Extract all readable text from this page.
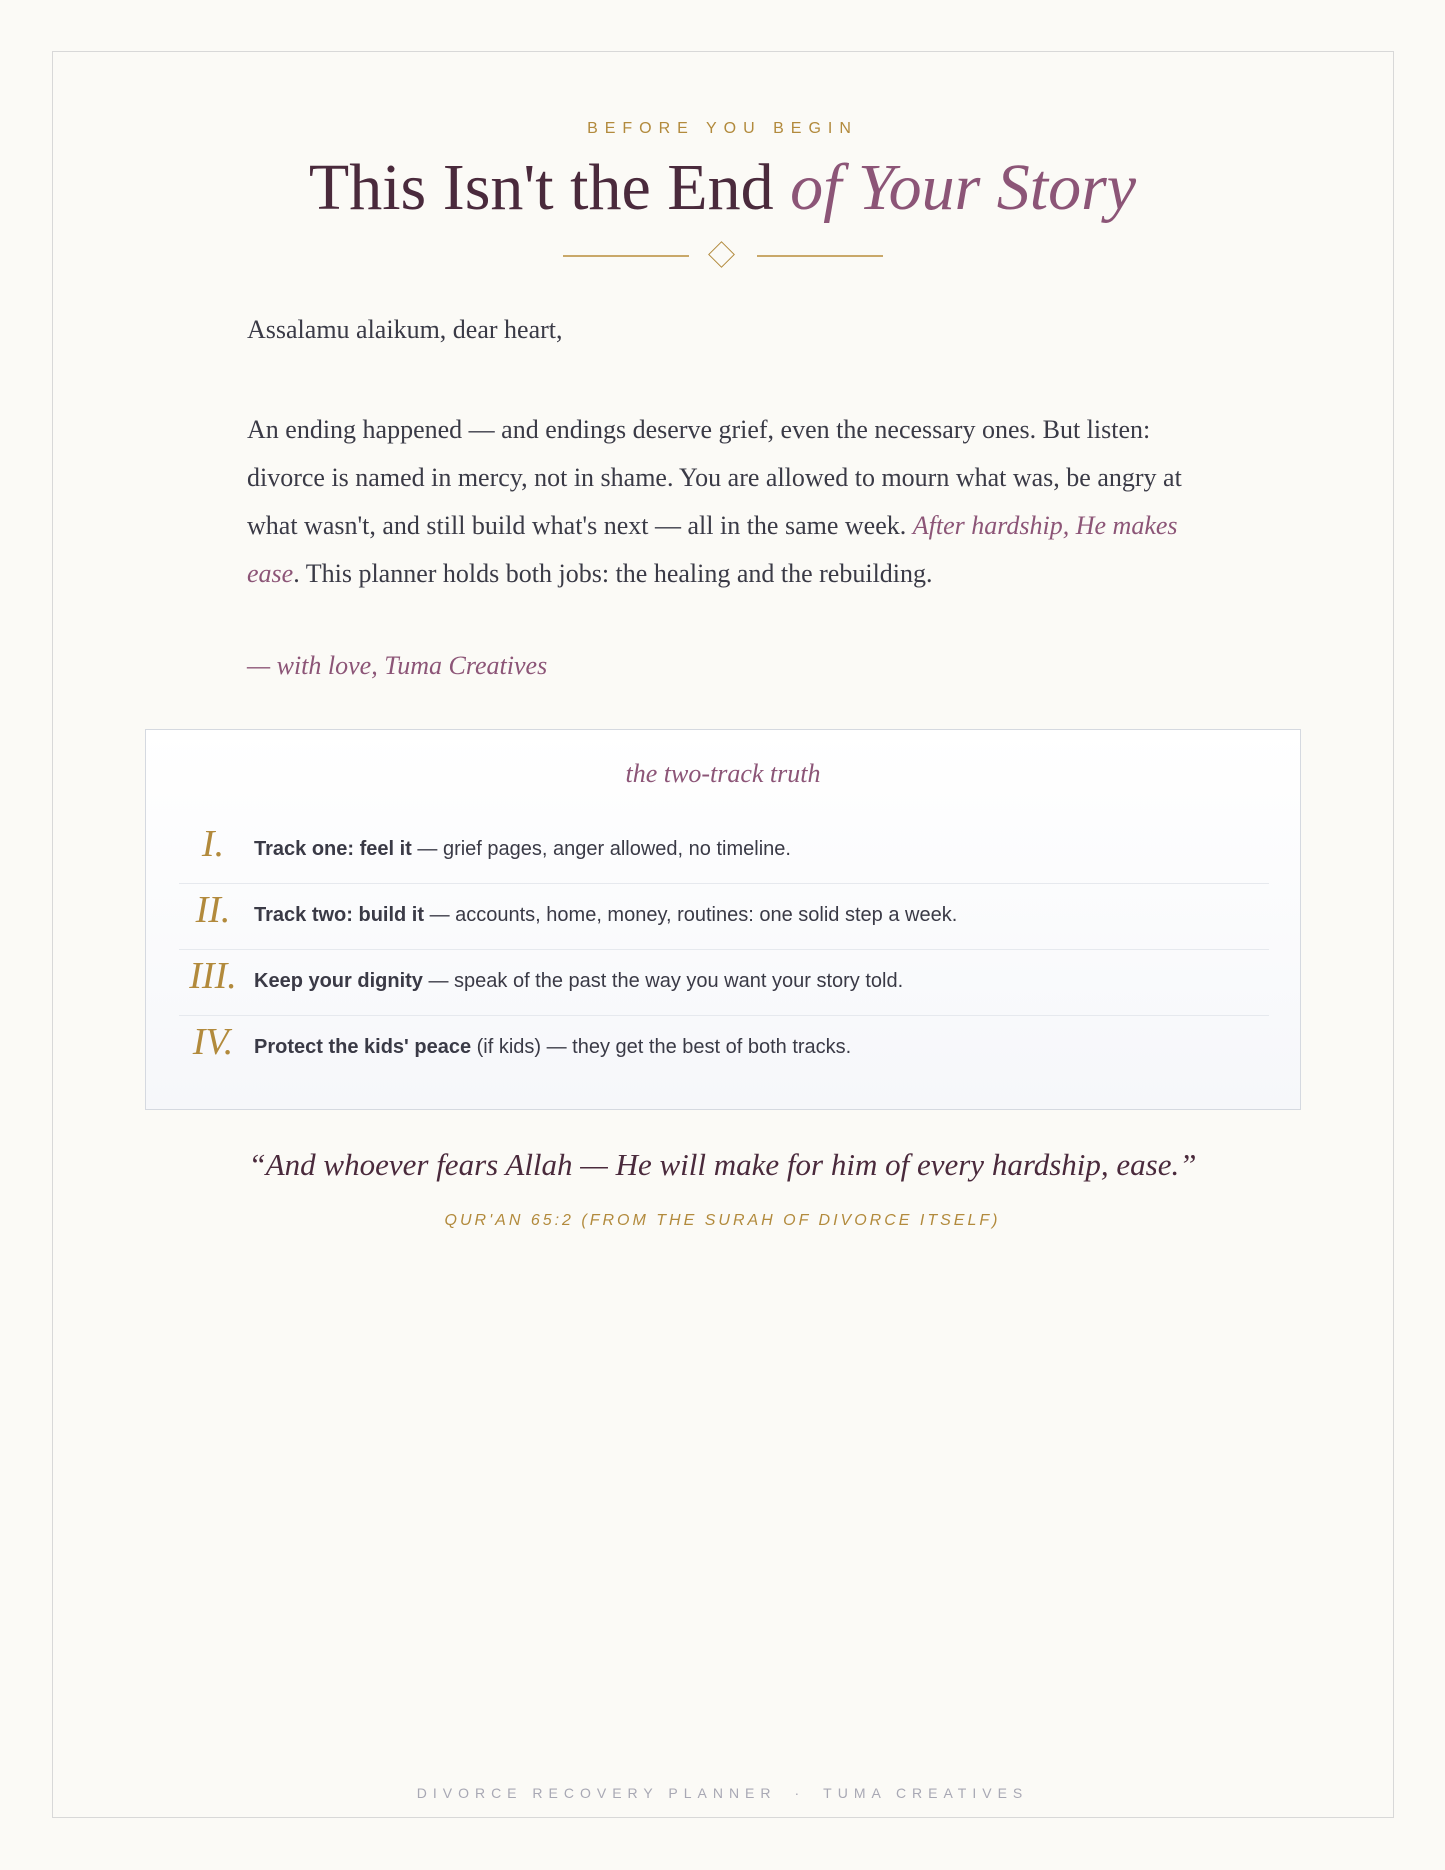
BEFORE YOU BEGIN
This Isn't the End of Your Story
Assalamu alaikum, dear heart,
An ending happened — and endings deserve grief, even the necessary ones. But listen: divorce is named in mercy, not in shame. You are allowed to mourn what was, be angry at what wasn't, and still build what's next — all in the same week. After hardship, He makes ease. This planner holds both jobs: the healing and the rebuilding.
— with love, Tuma Creatives
the two-track truth
I.	Track one: feel it — grief pages, anger allowed, no timeline.
II.	Track two: build it — accounts, home, money, routines: one solid step a week.
III. Keep your dignity — speak of the past the way you want your story told.
IV.	Protect the kids' peace (if kids) — they get the best of both tracks.
“And whoever fears Allah — He will make for him of every hardship, ease.”
QUR'AN 65:2 (FROM THE SURAH OF DIVORCE ITSELF)
DIVORCE RECOVERY PLANNER · TUMA CREATIVES
